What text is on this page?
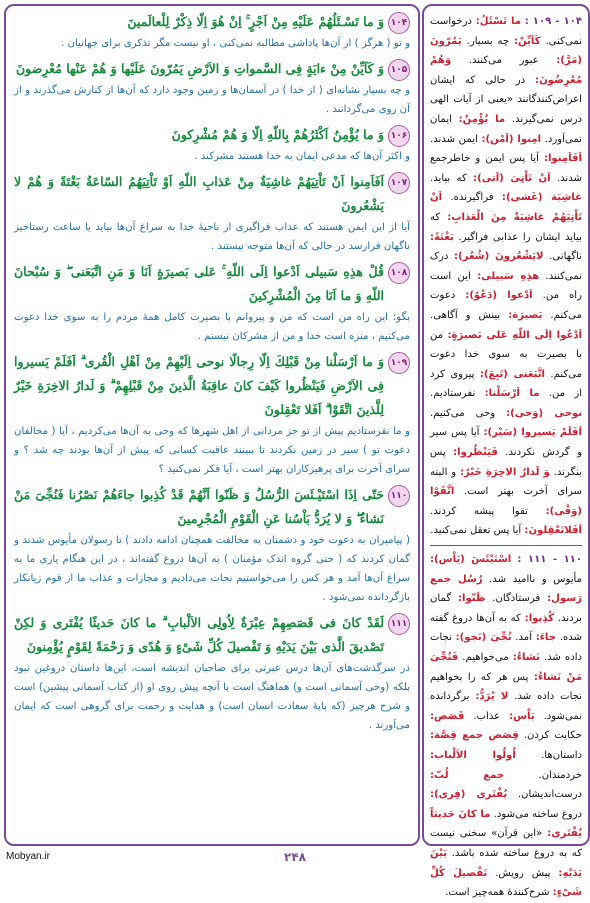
۱۰۴
وَ ما تَسْـئَلُهُمْ عَلَيْهِ مِنْ اَجْرٍ ۚ اِنْ هُوَ اِلّا ذِكْرٌ لِلْعالَمينَ
و تو ( هرگز ) از آن‌ها پاداشی مطالبه نمی‌کنی ، او نیست مگر تذکری برای جهانیان .
۱۰۵
وَ كَاَيِّنْ مِنْ ءايَةٍ فِى السَّمواتِ وَ الاَرْضِ يَمُرّونَ عَلَيْها وَ هُمْ عَنْها مُعْرِضونَ
و چه بسیار نشانه‌ای ( از خدا ) در آسمان‌ها و زمین وجود دارد که آن‌ها از کنارش می‌گذرند و از آن روی می‌گردانند .
۱۰۶
وَ ما يُؤْمِنُ اَكْثَرُهُمْ بِاللّهِ اِلّا وَ هُمْ مُشْرِكونَ
و اکثر آن‌ها که مدعی ایمان به خدا هستند مشرکند .
۱۰۷
اَفَاَمِنوا اَنْ تَاْتِيَهُمْ غاشِيَةٌ مِنْ عَذابِ اللّهِ اَوْ تَاْتِيَهُمُ السّاعَةُ بَغْتَةً وَ هُمْ لا يَشْعُرونَ
آیا از این ایمن هستند که عذاب فراگیری از ناحیهٔ خدا به سراغ آن‌ها بیاید یا ساعت رستاخیز ناگهان فرارسد در حالی که آن‌ها متوجه نیستند .
۱۰۸
قُلْ هذِهِ سَبيلى اَدْعوا اِلَى اللّهِ ۚ عَلى بَصيرَةٍ اَنَا وَ مَنِ اتَّبَعَنى ۖ وَ سُبْحانَ اللّهِ وَ ما اَنَا مِنَ الْمُشْرِكينَ
بگو: این راه من است که من و پیروانم با بصیرت کامل همهٔ مردم را به سوی خدا دعوت می‌کنیم ، منزه است خدا و من از مشرکان نیستم .
۱۰۹
وَ ما اَرْسَلْنا مِنْ قَبْلِكَ اِلّا رِجالًا نوحى اِلَيْهِمْ مِنْ اَهْلِ الْقُرى ۗ اَفَلَمْ يَسيروا فِى الاَرْضِ فَيَنْظُروا كَيْفَ كانَ عاقِبَةُ الَّذينَ مِنْ قَبْلِهِمْ ۗ وَ لَدارُ الاخِرَةِ خَيْرٌ لِلَّذينَ اتَّقَوْا ۗ اَفَلا تَعْقِلونَ
و ما نفرستادیم پیش از تو جز مردانی از اهل شهرها که وحی به آن‌ها می‌کردیم ، آیا ( مخالفان دعوت تو ) سیر در زمین نکردند تا ببینند عاقبت کسانی که پیش از آن‌ها بودند چه شد ؟ و سرای آخرت برای پرهیزکاران بهتر است ، آیا فکر نمی‌کنید ؟
۱۱۰
حَتّى اِذَا اسْتَيْـئَسَ الرُّسُلُ وَ ظَنّوا اَنَّهُمْ قَدْ كُذِبوا جاءَهُمْ نَصْرُنا فَنُجِّىَ مَنْ نَشاءُ ۖ وَ لا يُرَدُّ بَاْسُنا عَنِ الْقَوْمِ الْمُجْرِمينَ
( پیامبران به دعوت خود و دشمنان به مخالفت همچنان ادامه دادند ) تا رسولان مأیوس شدند و گمان کردند که ( حتی گروه اندک مؤمنان ) به آن‌ها دروغ گفته‌اند ، در این هنگام یاری ما به سراغ آن‌ها آمد و هر کس را می‌خواستیم نجات می‌دادیم و مجازات و عذاب ما از قوم زیانکار بازگردانده نمی‌شود .
۱۱۱
لَقَدْ كانَ فى قَصَصِهِمْ عِبْرَةٌ لِاُولِى الاَلْبابِ ۗ ما كانَ حَديثًا يُفْتَرى وَ لكِنْ تَصْديقَ الَّذى بَيْنَ يَدَيْهِ وَ تَفْصيلَ كُلِّ شَىْءٍ وَ هُدًى وَ رَحْمَةً لِقَوْمٍ يُؤْمِنونَ
در سرگذشت‌های آن‌ها درس عبرتی برای صاحبان اندیشه است، این‌ها داستان دروغین نبود بلکه (وحی آسمانی است و) هماهنگ است با آنچه پیش روی او (از کتاب آسمانی پیشین) است و شرح هرچیز (که پایهٔ سعادت انسان است) و هدایت و رحمت برای گروهی است که ایمان می‌آورند .
۱۰۴ - ۱۰۹ : ما تَسْئَلُ: درخواست نمی‌کنی. كَاَيِّنْ: چه بسیار. يَمُرّونَ (مَرَّ): عبور می‌کنند. وَهُمْ مُعْرِضُونَ: در حالی که ایشان اعراض‌کنندگانند «یعنی از آیات الهی درس نمی‌گیرند. ما يُؤْمِنُ: ایمان نمی‌آورد. امِنوا (اَمْن): ایمن شدند. اَفَاَمِنوا: آیا پس ایمن و خاطرجمع شدند. اَنْ تَاْتِىَ (اَتى): که بیاید. غاشِيَة (غَشى): فراگیرنده. اَنْ تَاْتِيَهُمْ غاشِيَةٌ مِنَ الْعَذابِ: که بیاید ایشان را عذابی فراگیر. بَغْتَةً: ناگهانی. لايَشْعُرونَ (شُعُر): درک نمی‌کنند. هذِهِ سَبيلى: این است راه من. اَدْعوا (دَعْوٌ): دعوت می‌کنم. بَصيرَة: بینش و آگاهی. اَدْعُوا اِلَى اللّهِ عَلى بَصيرَةٍ: من با بصیرت به سوی خدا دعوت می‌کنم. اتَّبَعَنى (تَبِعَ): پیروی کرد از من. ما اَرْسَلْنا: نفرستادیم. نوحى (وَحى): وحی می‌کنیم. اَفَلَمْ يَسيروا (سَيْر): آیا پس سیر و گردش نکردند. فَيَنْظُروا: پس بنگرند. وَ لَدارُ الاخِرَةِ خَيْرٌ: و البته سرای آخرت بهتر است. اتَّقَوْا (وَقْى): تقوا پیشه کردند. اَفَلاتَعْقِلونَ: آیا پس تعقل نمی‌کنید.
۱۱۰ - ۱۱۱ : اسْتَيْئَسَ (يَاْس): مأیوس و ناامید شد. رُسُل جمع رَسول: فرستادگان. ظَنّوا: گمان بردند. كُذِبوا: که به آن‌ها دروغ گفته شده. جاءَ: آمد. نُجِّىَ (نَجو): نجات داده شد. نَشاءُ: می‌خواهیم. فَنُجِّىَ مَنْ نَشاءُ: پس هر که را بخواهیم نجات داده شد. لا يُرَدُّ: برگردانده نمی‌شود. بَاْس: عذاب. قَصَص: حکایت کردن. قِصَص جمع قِصَّة: داستان‌ها. اُولُوا الاَلْباب: خردمندان. جمع لُبّ: درست‌اندیشان. يُفْتَرى (فِرى): دروغ ساخته می‌شود. ما كانَ حَديثاً يُفْتَرى: «این قرآن» سخنی نیست که به دروغ ساخته شده باشد. بَيْنَ يَدَيْهِ: پیش رویش. تَفْصيلَ كُلِّ شَىْءٍ: شرح‌کنندهٔ همه‌چیز است.
Mobyan.ir	۲۴۸
